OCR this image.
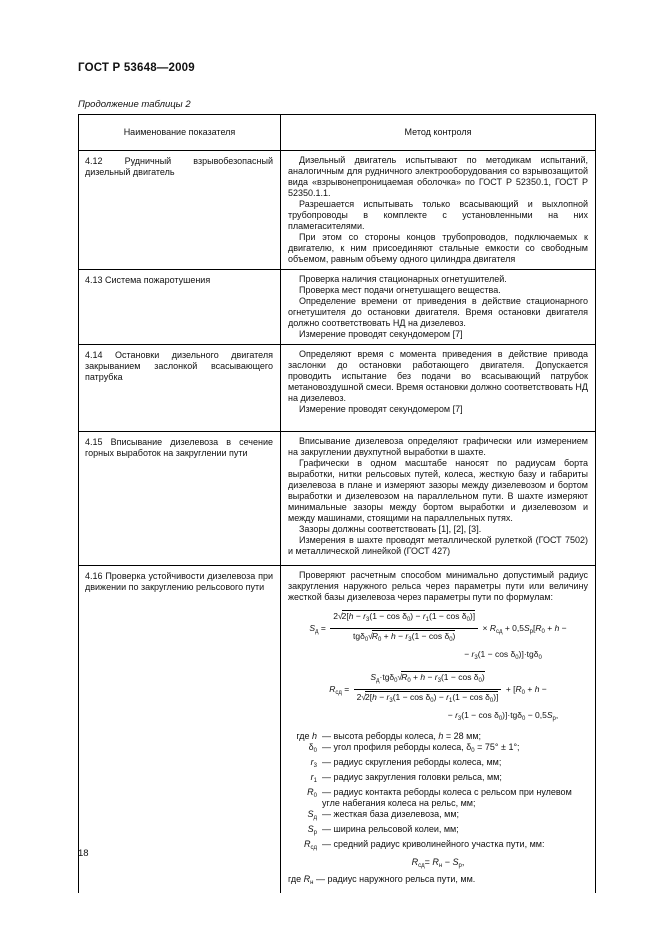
ГОСТ Р 53648—2009
Продолжение таблицы 2
Наименование показателя	Метод контроля
4.12 Рудничный взрывобезопасный дизельный двигатель
Дизельный двигатель испытывают по методикам испытаний, аналогичным для рудничного электрооборудования со взрывозащитой вида «взрывонепроницаемая оболочка» по ГОСТ Р 52350.1, ГОСТ Р 52350.1.1.
Разрешается испытывать только всасывающий и выхлопной трубопроводы в комплекте с установленными на них пламегасителями.
При этом со стороны концов трубопроводов, подключаемых к двигателю, к ним присоединяют стальные емкости со свободным объемом, равным объему одного цилиндра двигателя
4.13 Система пожаротушения	Проверка наличия стационарных огнетушителей.
Проверка мест подачи огнетушащего вещества.
Определение времени от приведения в действие стационарного огнетушителя до остановки двигателя. Время остановки двигателя должно соответствовать НД на дизелевоз.
Измерение проводят секундомером [7]
4.14 Остановки дизельного двигателя закрыванием заслонкой всасывающего патрубка
Определяют время с момента приведения в действие привода заслонки до остановки работающего двигателя. Допускается проводить испытание без подачи во всасывающий патрубок метановоздушной смеси. Время остановки должно соответствовать НД на дизелевоз.
Измерение проводят секундомером [7]
4.15 Вписывание дизелевоза в сечение горных выработок на закруглении пути
Вписывание дизелевоза определяют графически или измерением на закруглении двухпутной выработки в шахте.
Графически в одном масштабе наносят по радиусам борта выработки, нитки рельсовых путей, колеса, жесткую базу и габариты дизелевоза в плане и измеряют зазоры между дизелевозом и бортом выработки и дизелевозом на параллельном пути. В шахте измеряют минимальные зазоры между бортом выработки и дизелевозом и между машинами, стоящими на параллельных путях.
Зазоры должны соответствовать [1], [2], [3].
Измерения в шахте проводят металлической рулеткой (ГОСТ 7502) и металлической линейкой (ГОСТ 427)
4.16 Проверка устойчивости дизелевоза при движении по закруглению рельсового пути
Проверяют расчетным способом минимально допустимый радиус закругления наружного рельса через параметры пути или величину жесткой базы дизелевоза через параметры пути по формулам:
$S_д = \frac{2√2[h - r_3(1 - \cos \delta_0) - r_1(1 - \cos \delta_0)]}{tg\delta_0√R_0 + h - r_3(1 - \cos \delta_0)} \times R_{сд} + 0,5S_р[R_0 + h$ −
− $r_3(1 - \cos \delta_0)]\cdot tg\delta_0$
$R_{сд} = \frac{S_д\cdot tg\delta_0√R_0 + h - r_3(1 - \cos \delta_0)}{2√2[h - r_3(1 - \cos \delta_0) - r_1(1 - \cos \delta_0)]} + [R_0 + h$ −
− $r_3(1 - \cos \delta_0)]\cdot tg\delta_0 - 0,5S_р$,
где h — высота реборды колеса, h = 28 мм;
$\delta_0$ — угол профиля реборды колеса, $\delta_0 = 75^\circ \pm 1^\circ$;
$r_3$ — радиус скругления реборды колеса, мм;
$r_1$ — радиус закругления головки рельса, мм;
$R_0$ — радиус контакта реборды колеса с рельсом при нулевом угле набегания колеса на рельс, мм;
$S_д$ — жесткая база дизелевоза, мм;
$S_р$ — ширина рельсовой колеи, мм;
$R_{сд}$ — средний радиус криволинейного участка пути, мм:
$R_{сд}= R_н - S_р$,
где $R_н$ — радиус наружного рельса пути, мм.
18
